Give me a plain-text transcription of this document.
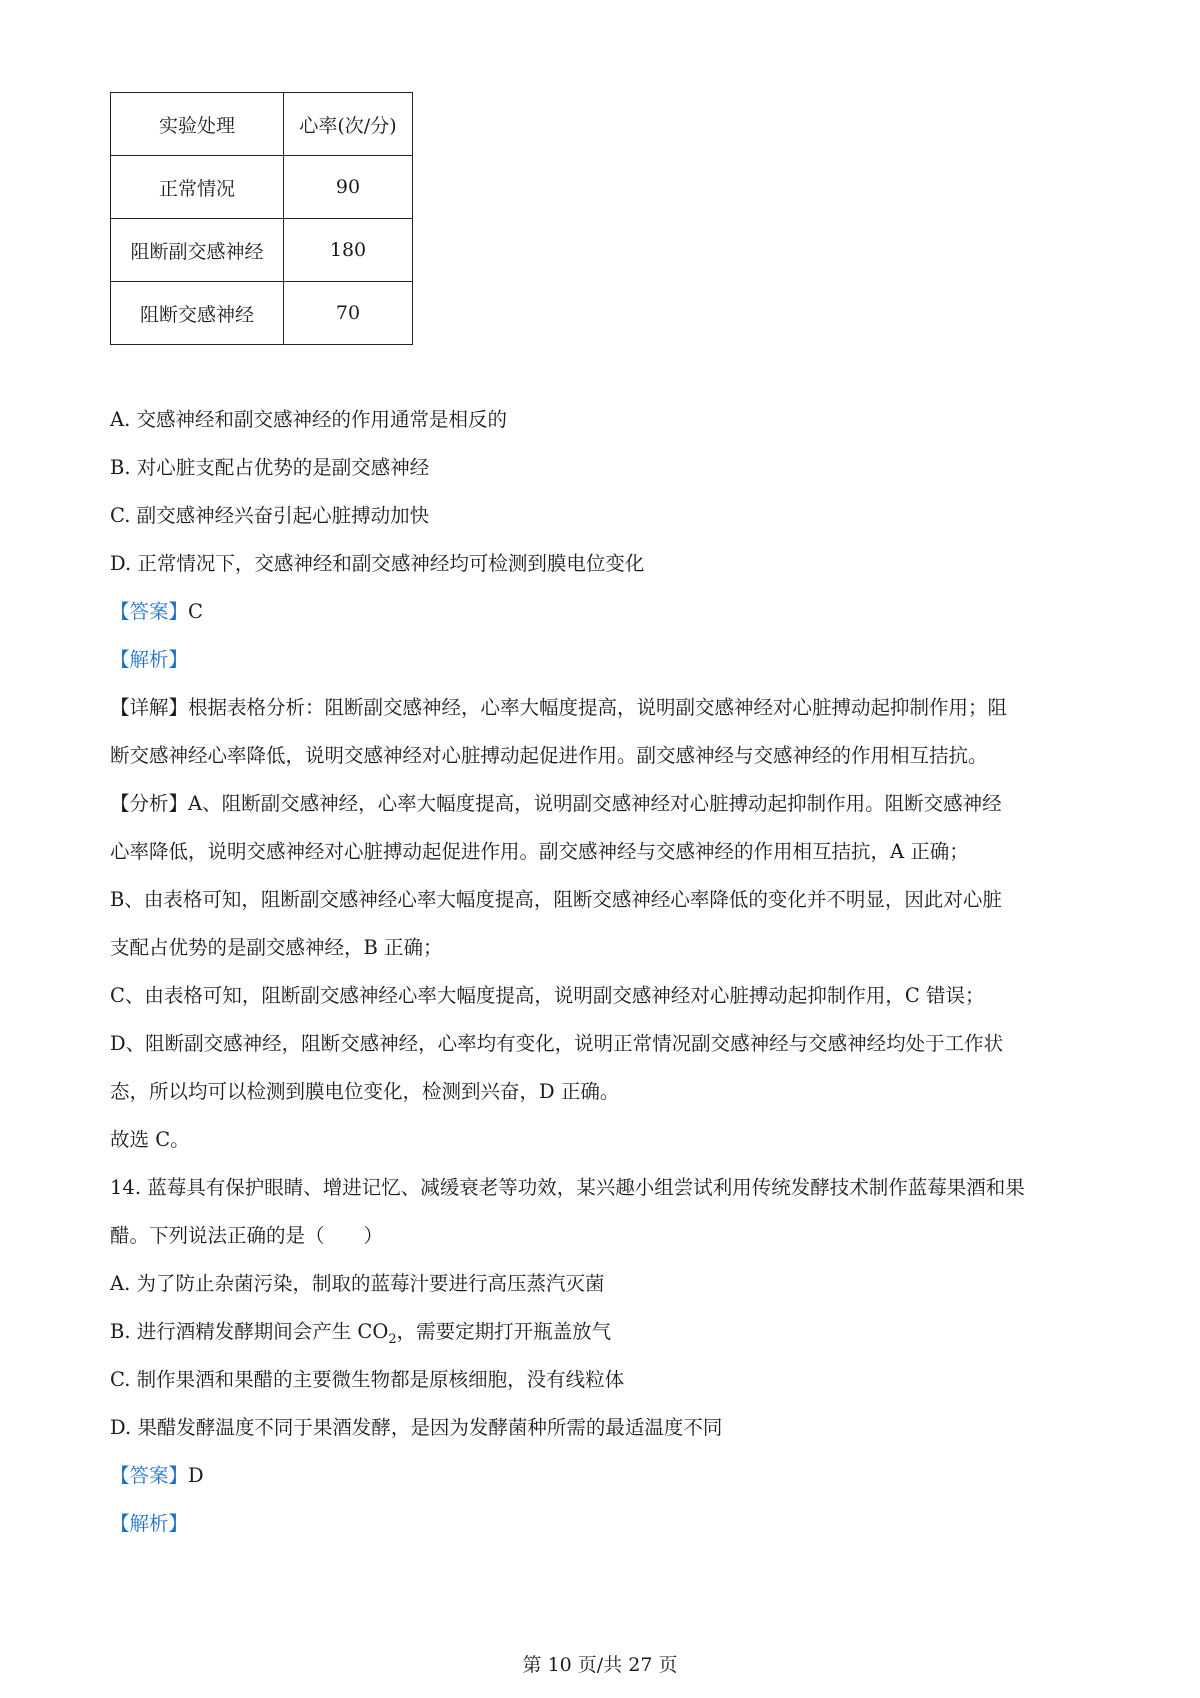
实验处理	心率(次/分)
正常情况	90
阻断副交感神经	180
阻断交感神经	70
A. 交感神经和副交感神经的作用通常是相反的
B. 对心脏支配占优势的是副交感神经
C. 副交感神经兴奋引起心脏搏动加快
D. 正常情况下，交感神经和副交感神经均可检测到膜电位变化
【答案】C
【解析】
【详解】根据表格分析：阻断副交感神经，心率大幅度提高，说明副交感神经对心脏搏动起抑制作用；阻
断交感神经心率降低，说明交感神经对心脏搏动起促进作用。副交感神经与交感神经的作用相互拮抗。
【分析】A、阻断副交感神经，心率大幅度提高，说明副交感神经对心脏搏动起抑制作用。阻断交感神经
心率降低，说明交感神经对心脏搏动起促进作用。副交感神经与交感神经的作用相互拮抗，A 正确；
B、由表格可知，阻断副交感神经心率大幅度提高，阻断交感神经心率降低的变化并不明显，因此对心脏
支配占优势的是副交感神经，B 正确；
C、由表格可知，阻断副交感神经心率大幅度提高，说明副交感神经对心脏搏动起抑制作用，C 错误；
D、阻断副交感神经，阻断交感神经，心率均有变化，说明正常情况副交感神经与交感神经均处于工作状
态，所以均可以检测到膜电位变化，检测到兴奋，D 正确。
故选 C。
14. 蓝莓具有保护眼睛、增进记忆、减缓衰老等功效，某兴趣小组尝试利用传统发酵技术制作蓝莓果酒和果
醋。下列说法正确的是（　　）
A. 为了防止杂菌污染，制取的蓝莓汁要进行高压蒸汽灭菌
B. 进行酒精发酵期间会产生 $CO_2$，需要定期打开瓶盖放气
C. 制作果酒和果醋的主要微生物都是原核细胞，没有线粒体
D. 果醋发酵温度不同于果酒发酵，是因为发酵菌种所需的最适温度不同
【答案】D
【解析】
第 10 页/共 27 页
